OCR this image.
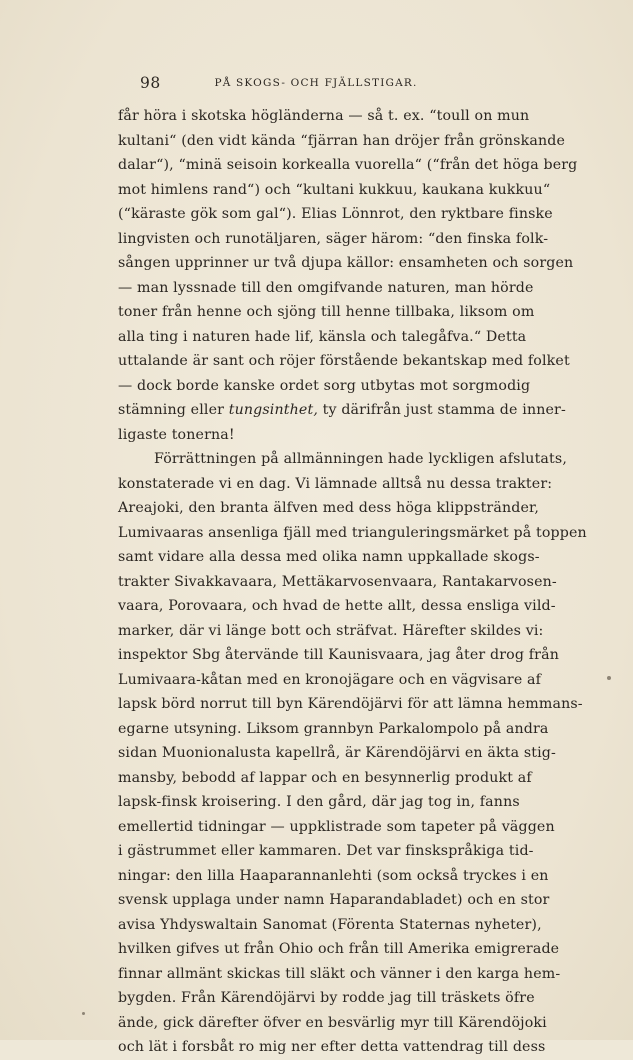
98	PÅ SKOGS- OCH FJÄLLSTIGAR.
får höra i skotska högländerna — så t. ex. “toull on mun
kultani“ (den vidt kända “fjärran han dröjer från grönskande
dalar“), “minä seisoin korkealla vuorella“ (“från det höga berg
mot himlens rand“) och “kultani kukkuu, kaukana kukkuu“
(“käraste gök som gal“). Elias Lönnrot, den ryktbare finske
lingvisten och runotäljaren, säger härom: “den finska folk-
sången upprinner ur två djupa källor: ensamheten och sorgen
— man lyssnade till den omgifvande naturen, man hörde
toner från henne och sjöng till henne tillbaka, liksom om
alla ting i naturen hade lif, känsla och talegåfva.“ Detta
uttalande är sant och röjer förstående bekantskap med folket
— dock borde kanske ordet sorg utbytas mot sorgmodig
stämning eller tungsinthet, ty därifrån just stamma de inner-
ligaste tonerna!
Förrättningen på allmänningen hade lyckligen afslutats,
konstaterade vi en dag. Vi lämnade alltså nu dessa trakter:
Areajoki, den branta älfven med dess höga klippstränder,
Lumivaaras ansenliga fjäll med trianguleringsmärket på toppen
samt vidare alla dessa med olika namn uppkallade skogs-
trakter Sivakkavaara, Mettäkarvosenvaara, Rantakarvosen-
vaara, Porovaara, och hvad de hette allt, dessa ensliga vild-
marker, där vi länge bott och sträfvat. Härefter skildes vi:
inspektor Sbg återvände till Kaunisvaara, jag åter drog från
Lumivaara-kåtan med en kronojägare och en vägvisare af
lapsk börd norrut till byn Kärendöjärvi för att lämna hemmans-
egarne utsyning. Liksom grannbyn Parkalompolo på andra
sidan Muonionalusta kapellrå, är Kärendöjärvi en äkta stig-
mansby, bebodd af lappar och en besynnerlig produkt af
lapsk-finsk kroisering. I den gård, där jag tog in, fanns
emellertid tidningar — uppklistrade som tapeter på väggen
i gästrummet eller kammaren. Det var finskspråkiga tid-
ningar: den lilla Haaparannanlehti (som också tryckes i en
svensk upplaga under namn Haparandabladet) och en stor
avisa Yhdyswaltain Sanomat (Förenta Staternas nyheter),
hvilken gifves ut från Ohio och från till Amerika emigrerade
finnar allmänt skickas till släkt och vänner i den karga hem-
bygden. Från Kärendöjärvi by rodde jag till träskets öfre
ände, gick därefter öfver en besvärlig myr till Kärendöjoki
och lät i forsbåt ro mig ner efter detta vattendrag till dess
